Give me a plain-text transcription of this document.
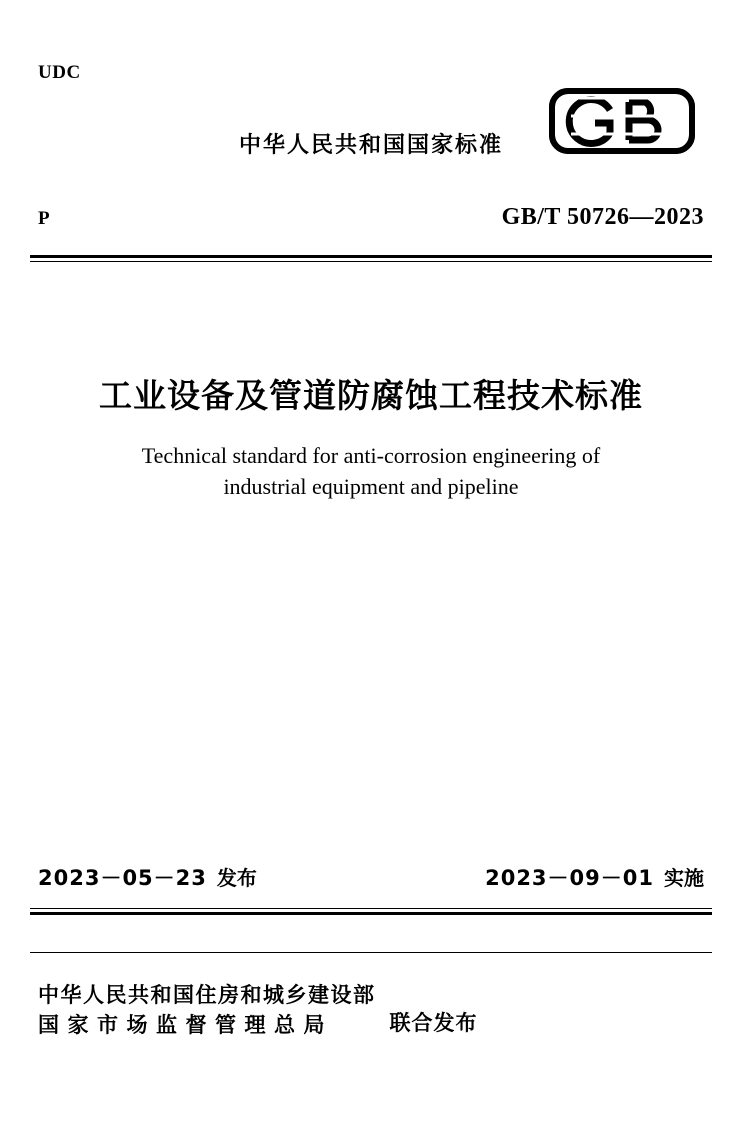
UDC
中华人民共和国国家标准
P	GB/T 50726—2023
工业设备及管道防腐蚀工程技术标准
Technical standard for anti‑corrosion engineering of
industrial equipment and pipeline
2023－05－23 发布	2023－09－01 实施
中华人民共和国住房和城乡建设部
国家市场监督管理总局	联合发布
